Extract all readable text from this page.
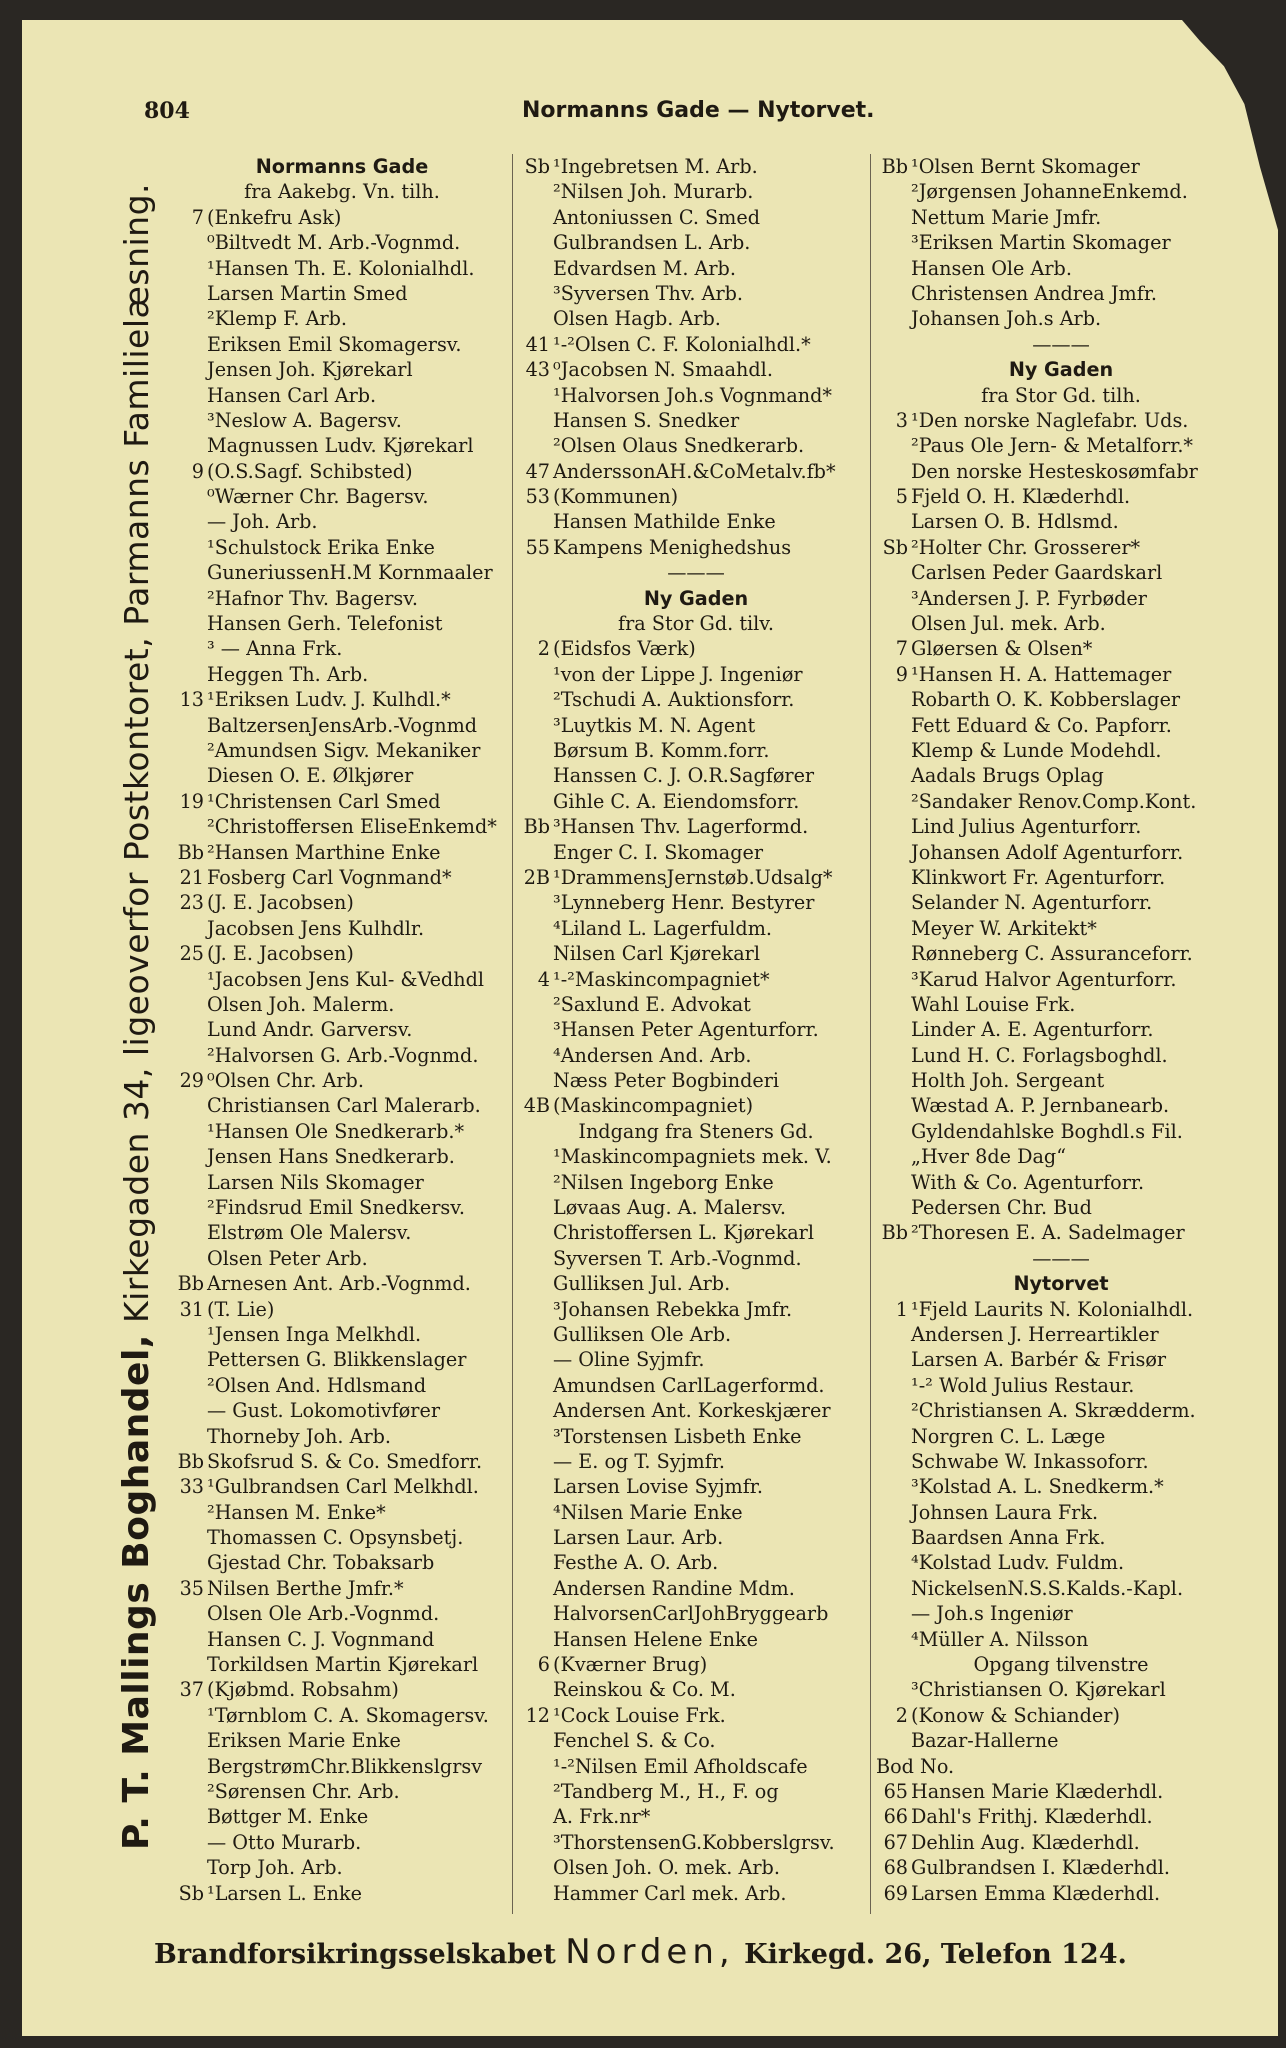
804	Normanns Gade — Nytorvet.
P. T. Mallings Boghandel, Kirkegaden 34, ligeoverfor Postkontoret, Parmanns Familielæsning.
Normanns Gade
fra Aakebg. Vn. tilh.
7 (Enkefru Ask)
⁰Biltvedt M. Arb.-Vognmd.
¹Hansen Th. E. Kolonialhdl.
Larsen Martin Smed
²Klemp F. Arb.
Eriksen Emil Skomagersv.
Jensen Joh. Kjørekarl
Hansen Carl Arb.
³Neslow A. Bagersv.
Magnussen Ludv. Kjørekarl
9 (O.S.Sagf. Schibsted)
⁰Wærner Chr. Bagersv.
— Joh. Arb.
¹Schulstock Erika Enke
GuneriussenH.M Kornmaaler
²Hafnor Thv. Bagersv.
Hansen Gerh. Telefonist
³ — Anna Frk.
Heggen Th. Arb.
13 ¹Eriksen Ludv. J. Kulhdl.*
BaltzersenJensArb.-Vognmd
²Amundsen Sigv. Mekaniker
Diesen O. E. Ølkjører
19 ¹Christensen Carl Smed
²Christoffersen EliseEnkemd*
Bb ²Hansen Marthine Enke
21 Fosberg Carl Vognmand*
23 (J. E. Jacobsen)
Jacobsen Jens Kulhdlr.
25 (J. E. Jacobsen)
¹Jacobsen Jens Kul- &Vedhdl
Olsen Joh. Malerm.
Lund Andr. Garversv.
²Halvorsen G. Arb.-Vognmd.
29 ⁰Olsen Chr. Arb.
Christiansen Carl Malerarb.
¹Hansen Ole Snedkerarb.*
Jensen Hans Snedkerarb.
Larsen Nils Skomager
²Findsrud Emil Snedkersv.
Elstrøm Ole Malersv.
Olsen Peter Arb.
Bb Arnesen Ant. Arb.-Vognmd.
31 (T. Lie)
¹Jensen Inga Melkhdl.
Pettersen G. Blikkenslager
²Olsen And. Hdlsmand
— Gust. Lokomotivfører
Thorneby Joh. Arb.
Bb Skofsrud S. & Co. Smedforr.
33 ¹Gulbrandsen Carl Melkhdl.
²Hansen M. Enke*
Thomassen C. Opsynsbetj.
Gjestad Chr. Tobaksarb
35 Nilsen Berthe Jmfr.*
Olsen Ole Arb.-Vognmd.
Hansen C. J. Vognmand
Torkildsen Martin Kjørekarl
37 (Kjøbmd. Robsahm)
¹Tørnblom C. A. Skomagersv.
Eriksen Marie Enke
BergstrømChr.Blikkenslgrsv
²Sørensen Chr. Arb.
Bøttger M. Enke
— Otto Murarb.
Torp Joh. Arb.
Sb ¹Larsen L. Enke
Sb ¹Ingebretsen M. Arb.
²Nilsen Joh. Murarb.
Antoniussen C. Smed
Gulbrandsen L. Arb.
Edvardsen M. Arb.
³Syversen Thv. Arb.
Olsen Hagb. Arb.
41 ¹-²Olsen C. F. Kolonialhdl.*
43 ⁰Jacobsen N. Smaahdl.
¹Halvorsen Joh.s Vognmand*
Hansen S. Snedker
²Olsen Olaus Snedkerarb.
47 AnderssonAH.&CoMetalv.fb*
53 (Kommunen)
Hansen Mathilde Enke
55 Kampens Menighedshus
———
Ny Gaden
fra Stor Gd. tilv.
2 (Eidsfos Værk)
¹von der Lippe J. Ingeniør
²Tschudi A. Auktionsforr.
³Luytkis M. N. Agent
Børsum B. Komm.forr.
Hanssen C. J. O.R.Sagfører
Gihle C. A. Eiendomsforr.
Bb ³Hansen Thv. Lagerformd.
Enger C. I. Skomager
2B ¹DrammensJernstøb.Udsalg*
³Lynneberg Henr. Bestyrer
⁴Liland L. Lagerfuldm.
Nilsen Carl Kjørekarl
4 ¹-²Maskincompagniet*
²Saxlund E. Advokat
³Hansen Peter Agenturforr.
⁴Andersen And. Arb.
Næss Peter Bogbinderi
4B (Maskincompagniet)
Indgang fra Steners Gd.
¹Maskincompagniets mek. V.
²Nilsen Ingeborg Enke
Løvaas Aug. A. Malersv.
Christoffersen L. Kjørekarl
Syversen T. Arb.-Vognmd.
Gulliksen Jul. Arb.
³Johansen Rebekka Jmfr.
Gulliksen Ole Arb.
— Oline Syjmfr.
Amundsen CarlLagerformd.
Andersen Ant. Korkeskjærer
³Torstensen Lisbeth Enke
— E. og T. Syjmfr.
Larsen Lovise Syjmfr.
⁴Nilsen Marie Enke
Larsen Laur. Arb.
Festhe A. O. Arb.
Andersen Randine Mdm.
HalvorsenCarlJohBryggearb
Hansen Helene Enke
6 (Kværner Brug)
Reinskou & Co. M.
12 ¹Cock Louise Frk.
Fenchel S. & Co.
¹-²Nilsen Emil Afholdscafe
²Tandberg M., H., F. og
A. Frk.nr*
³ThorstensenG.Kobberslgrsv.
Olsen Joh. O. mek. Arb.
Hammer Carl mek. Arb.
Bb ¹Olsen Bernt Skomager
²Jørgensen JohanneEnkemd.
Nettum Marie Jmfr.
³Eriksen Martin Skomager
Hansen Ole Arb.
Christensen Andrea Jmfr.
Johansen Joh.s Arb.
———
Ny Gaden
fra Stor Gd. tilh.
3 ¹Den norske Naglefabr. Uds.
²Paus Ole Jern- & Metalforr.*
Den norske Hesteskosømfabr
5 Fjeld O. H. Klæderhdl.
Larsen O. B. Hdlsmd.
Sb ²Holter Chr. Grosserer*
Carlsen Peder Gaardskarl
³Andersen J. P. Fyrbøder
Olsen Jul. mek. Arb.
7 Gløersen & Olsen*
9 ¹Hansen H. A. Hattemager
Robarth O. K. Kobberslager
Fett Eduard & Co. Papforr.
Klemp & Lunde Modehdl.
Aadals Brugs Oplag
²Sandaker Renov.Comp.Kont.
Lind Julius Agenturforr.
Johansen Adolf Agenturforr.
Klinkwort Fr. Agenturforr.
Selander N. Agenturforr.
Meyer W. Arkitekt*
Rønneberg C. Assuranceforr.
³Karud Halvor Agenturforr.
Wahl Louise Frk.
Linder A. E. Agenturforr.
Lund H. C. Forlagsboghdl.
Holth Joh. Sergeant
Wæstad A. P. Jernbanearb.
Gyldendahlske Boghdl.s Fil.
„Hver 8de Dag“
With & Co. Agenturforr.
Pedersen Chr. Bud
Bb ²Thoresen E. A. Sadelmager
———
Nytorvet
1 ¹Fjeld Laurits N. Kolonialhdl.
Andersen J. Herreartikler
Larsen A. Barbér & Frisør
¹-² Wold Julius Restaur.
²Christiansen A. Skrædderm.
Norgren C. L. Læge
Schwabe W. Inkassoforr.
³Kolstad A. L. Snedkerm.*
Johnsen Laura Frk.
Baardsen Anna Frk.
⁴Kolstad Ludv. Fuldm.
NickelsenN.S.S.Kalds.-Kapl.
— Joh.s Ingeniør
⁴Müller A. Nilsson
Opgang tilvenstre
³Christiansen O. Kjørekarl
2 (Konow & Schiander)
Bazar-Hallerne
Bod No.
65 Hansen Marie Klæderhdl.
66 Dahl's Frithj. Klæderhdl.
67 Dehlin Aug. Klæderhdl.
68 Gulbrandsen I. Klæderhdl.
69 Larsen Emma Klæderhdl.
Brandforsikringsselskabet Norden, Kirkegd. 26, Telefon 124.
